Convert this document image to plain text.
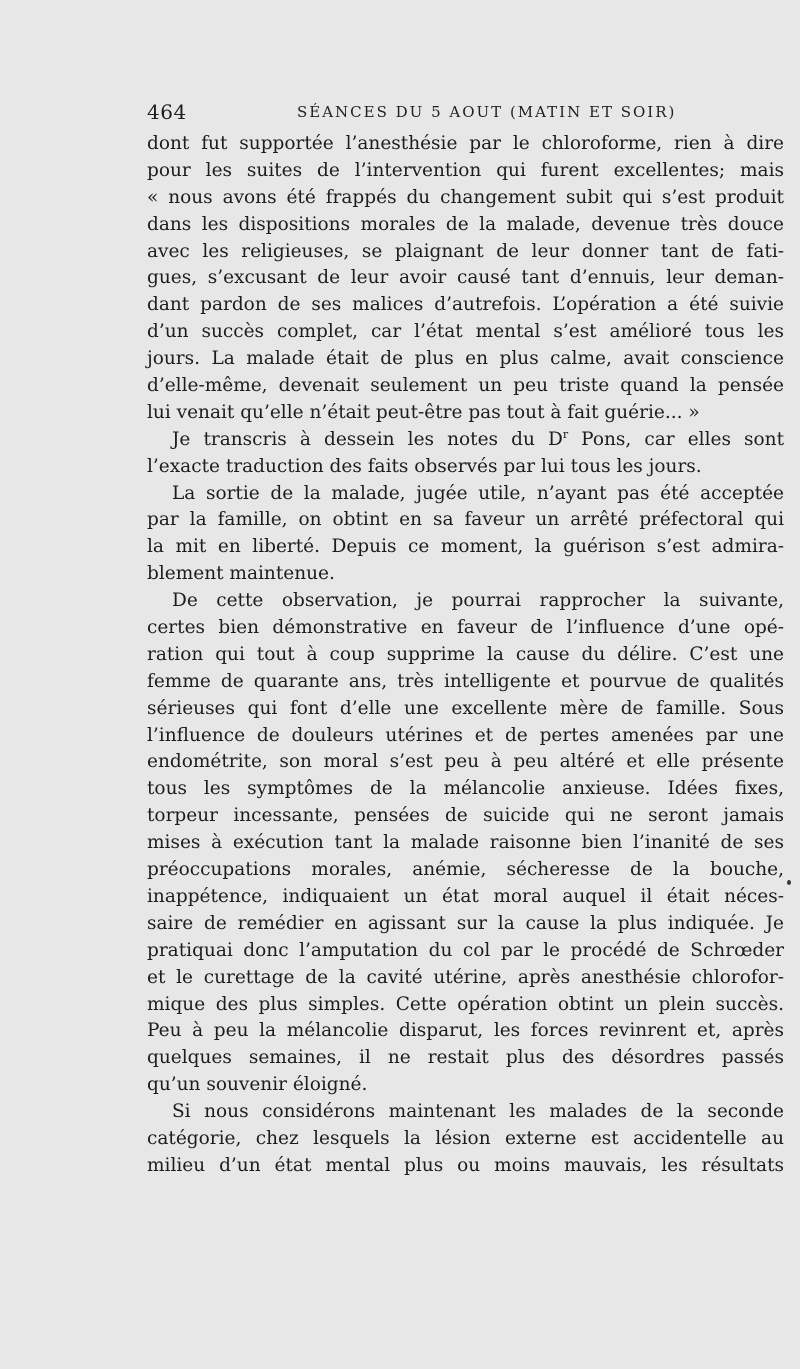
464	SÉANCES DU 5 AOUT (MATIN ET SOIR)
dont fut supportée l’anesthésie par le chloroforme, rien à dire
pour les suites de l’intervention qui furent excellentes; mais
« nous avons été frappés du changement subit qui s’est produit
dans les dispositions morales de la malade, devenue très douce
avec les religieuses, se plaignant de leur donner tant de fati-
gues, s’excusant de leur avoir causé tant d’ennuis, leur deman-
dant pardon de ses malices d’autrefois. L’opération a été suivie
d’un succès complet, car l’état mental s’est amélioré tous les
jours. La malade était de plus en plus calme, avait conscience
d’elle-même, devenait seulement un peu triste quand la pensée
lui venait qu’elle n’était peut-être pas tout à fait guérie... »
Je transcris à dessein les notes du $D^r$ Pons, car elles sont
l’exacte traduction des faits observés par lui tous les jours.
La sortie de la malade, jugée utile, n’ayant pas été acceptée
par la famille, on obtint en sa faveur un arrêté préfectoral qui
la mit en liberté. Depuis ce moment, la guérison s’est admira-
blement maintenue.
De cette observation, je pourrai rapprocher la suivante,
certes bien démonstrative en faveur de l’influence d’une opé-
ration qui tout à coup supprime la cause du délire. C’est une
femme de quarante ans, très intelligente et pourvue de qualités
sérieuses qui font d’elle une excellente mère de famille. Sous
l’influence de douleurs utérines et de pertes amenées par une
endométrite, son moral s’est peu à peu altéré et elle présente
tous les symptômes de la mélancolie anxieuse. Idées fixes,
torpeur incessante, pensées de suicide qui ne seront jamais
mises à exécution tant la malade raisonne bien l’inanité de ses
préoccupations morales, anémie, sécheresse de la bouche,
inappétence, indiquaient un état moral auquel il était néces-
saire de remédier en agissant sur la cause la plus indiquée. Je
pratiquai donc l’amputation du col par le procédé de Schrœder
et le curettage de la cavité utérine, après anesthésie chlorofor-
mique des plus simples. Cette opération obtint un plein succès.
Peu à peu la mélancolie disparut, les forces revinrent et, après
quelques semaines, il ne restait plus des désordres passés
qu’un souvenir éloigné.
Si nous considérons maintenant les malades de la seconde
catégorie, chez lesquels la lésion externe est accidentelle au
milieu d’un état mental plus ou moins mauvais, les résultats
